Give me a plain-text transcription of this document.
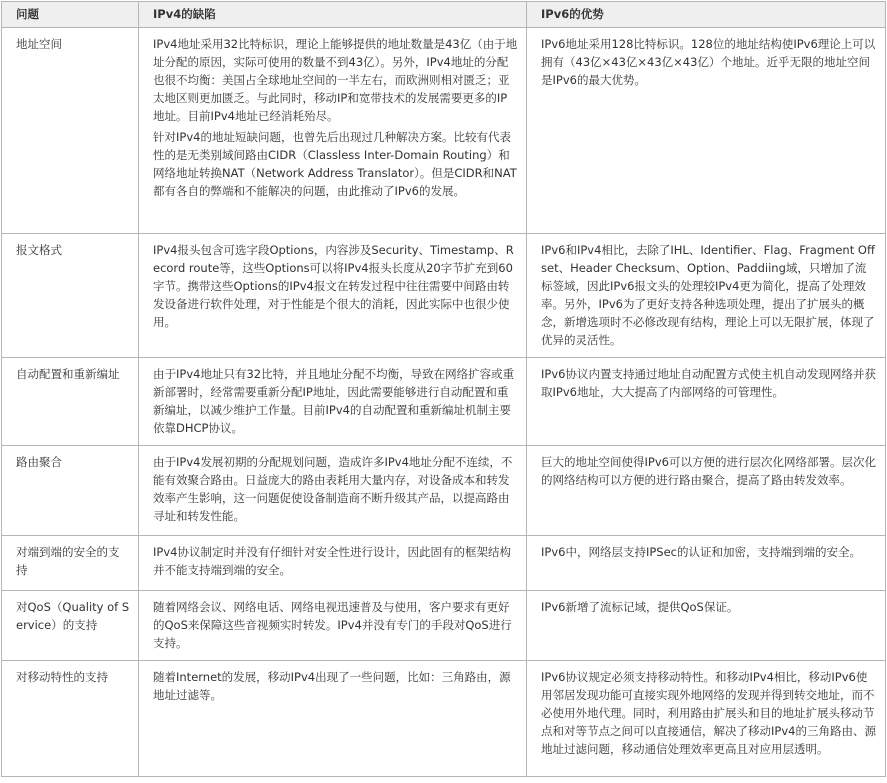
问题	IPv4的缺陷	IPv6的优势
地址空间	IPv4地址采用32比特标识，理论上能够提供的地址数量是43亿（由于地址分配的原因，实际可使用的数量不到43亿）。另外，IPv4地址的分配也很不均衡：美国占全球地址空间的一半左右，而欧洲则相对匮乏；亚太地区则更加匮乏。与此同时，移动IP和宽带技术的发展需要更多的IP地址。目前IPv4地址已经消耗殆尽。

针对IPv4的地址短缺问题，也曾先后出现过几种解决方案。比较有代表性的是无类别域间路由CIDR（Classless Inter-Domain Routing）和网络地址转换NAT（Network Address Translator）。但是CIDR和NAT都有各自的弊端和不能解决的问题，由此推动了IPv6的发展。	IPv6地址采用128比特标识。128位的地址结构使IPv6理论上可以拥有（43亿×43亿×43亿×43亿）个地址。近乎无限的地址空间是IPv6的最大优势。
报文格式	IPv4报头包含可选字段Options，内容涉及Security、Timestamp、Record route等，这些Options可以将IPv4报头长度从20字节扩充到60字节。携带这些Options的IPv4报文在转发过程中往往需要中间路由转发设备进行软件处理，对于性能是个很大的消耗，因此实际中也很少使用。	IPv6和IPv4相比，去除了IHL、Identifier、Flag、Fragment Offset、Header Checksum、Option、Paddiing域，只增加了流标签域，因此IPv6报文头的处理较IPv4更为简化，提高了处理效率。另外，IPv6为了更好支持各种选项处理，提出了扩展头的概念，新增选项时不必修改现有结构，理论上可以无限扩展，体现了优异的灵活性。
自动配置和重新编址	由于IPv4地址只有32比特，并且地址分配不均衡，导致在网络扩容或重新部署时，经常需要重新分配IP地址，因此需要能够进行自动配置和重新编址，以减少维护工作量。目前IPv4的自动配置和重新编址机制主要依靠DHCP协议。	IPv6协议内置支持通过地址自动配置方式使主机自动发现网络并获取IPv6地址，大大提高了内部网络的可管理性。
路由聚合	由于IPv4发展初期的分配规划问题，造成许多IPv4地址分配不连续，不能有效聚合路由。日益庞大的路由表耗用大量内存，对设备成本和转发效率产生影响，这一问题促使设备制造商不断升级其产品，以提高路由寻址和转发性能。	巨大的地址空间使得IPv6可以方便的进行层次化网络部署。层次化的网络结构可以方便的进行路由聚合，提高了路由转发效率。
对端到端的安全的支持	IPv4协议制定时并没有仔细针对安全性进行设计，因此固有的框架结构并不能支持端到端的安全。	IPv6中，网络层支持IPSec的认证和加密，支持端到端的安全。
对QoS（Quality of Service）的支持	随着网络会议、网络电话、网络电视迅速普及与使用，客户要求有更好的QoS来保障这些音视频实时转发。IPv4并没有专门的手段对QoS进行支持。	IPv6新增了流标记域，提供QoS保证。
对移动特性的支持	随着Internet的发展，移动IPv4出现了一些问题，比如：三角路由，源地址过滤等。	IPv6协议规定必须支持移动特性。和移动IPv4相比，移动IPv6使用邻居发现功能可直接实现外地网络的发现并得到转交地址，而不必使用外地代理。同时，利用路由扩展头和目的地址扩展头移动节点和对等节点之间可以直接通信，解决了移动IPv4的三角路由、源地址过滤问题，移动通信处理效率更高且对应用层透明。
